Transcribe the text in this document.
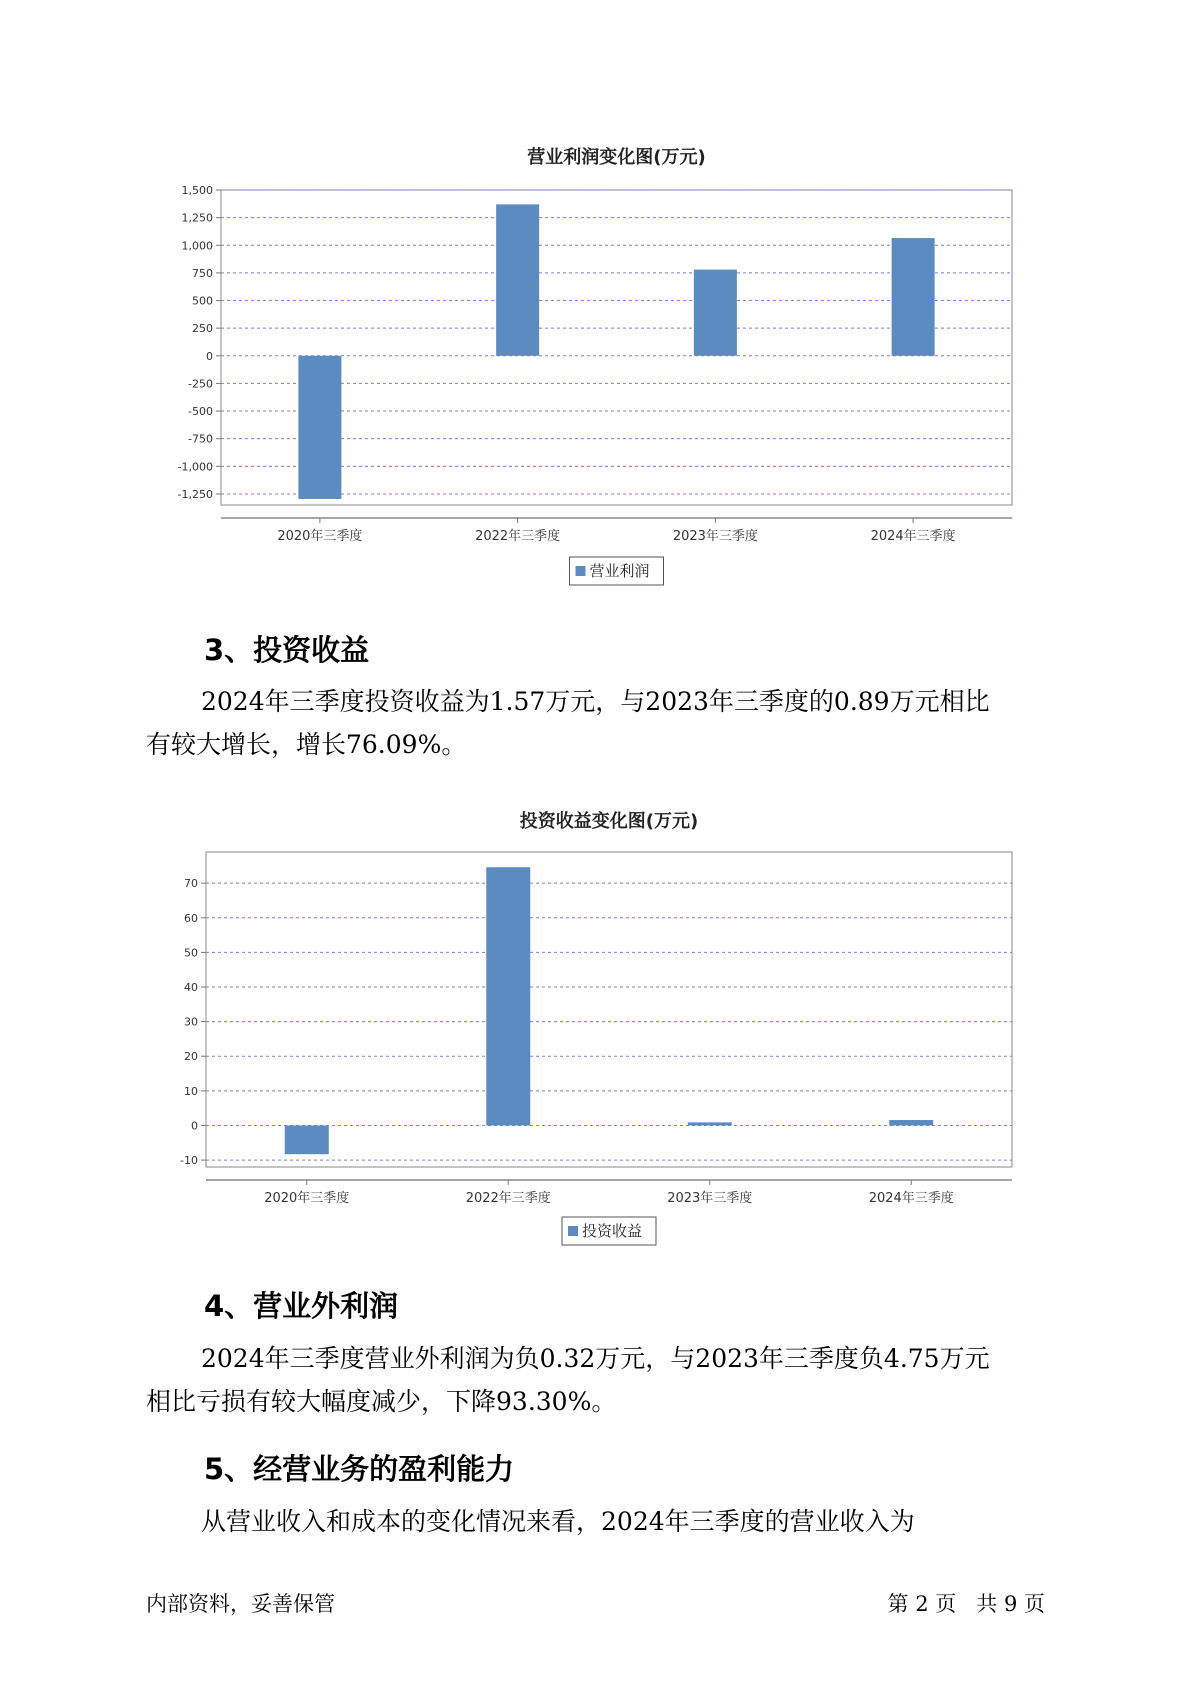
营业利润变化图(万元)
1,500
1,250
1,000
750
500
250
0
-250
-500
-750
-1,000
-1,250
2020年三季度	2022年三季度	2023年三季度	2024年三季度
营业利润
3、投资收益
2024年三季度投资收益为1.57万元，与2023年三季度的0.89万元相比
有较大增长，增长76.09%。
投资收益变化图(万元)
70
60
50
40
30
20
10
0
-10
2020年三季度	2022年三季度	2023年三季度	2024年三季度
投资收益
4、营业外利润
2024年三季度营业外利润为负0.32万元，与2023年三季度负4.75万元
相比亏损有较大幅度减少，下降93.30%。
5、经营业务的盈利能力
从营业收入和成本的变化情况来看，2024年三季度的营业收入为
内部资料，妥善保管	第 2 页   共 9 页
